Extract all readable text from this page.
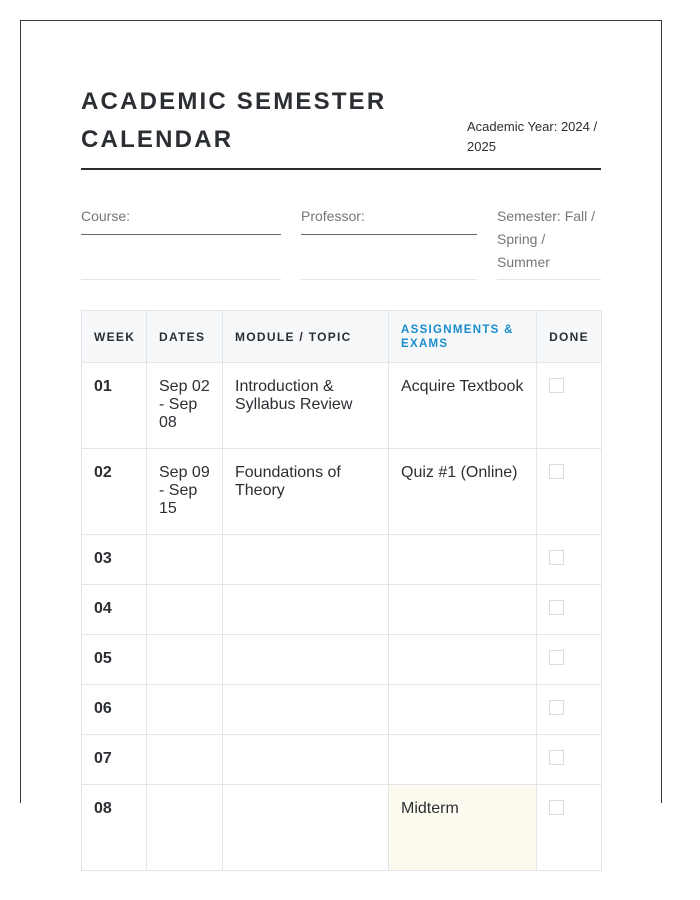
ACADEMIC SEMESTER CALENDAR	Academic Year: 2024 / 2025
Course:	Professor:	Semester: Fall / Spring / Summer
WEEK	DATES	MODULE / TOPIC	ASSIGNMENTS & EXAMS	DONE
01	Sep 02 - Sep 08	Introduction & Syllabus Review	Acquire Textbook	
02	Sep 09 - Sep 15	Foundations of Theory	Quiz #1 (Online)	
03				
04				
05				
06				
07				
08			Midterm	
